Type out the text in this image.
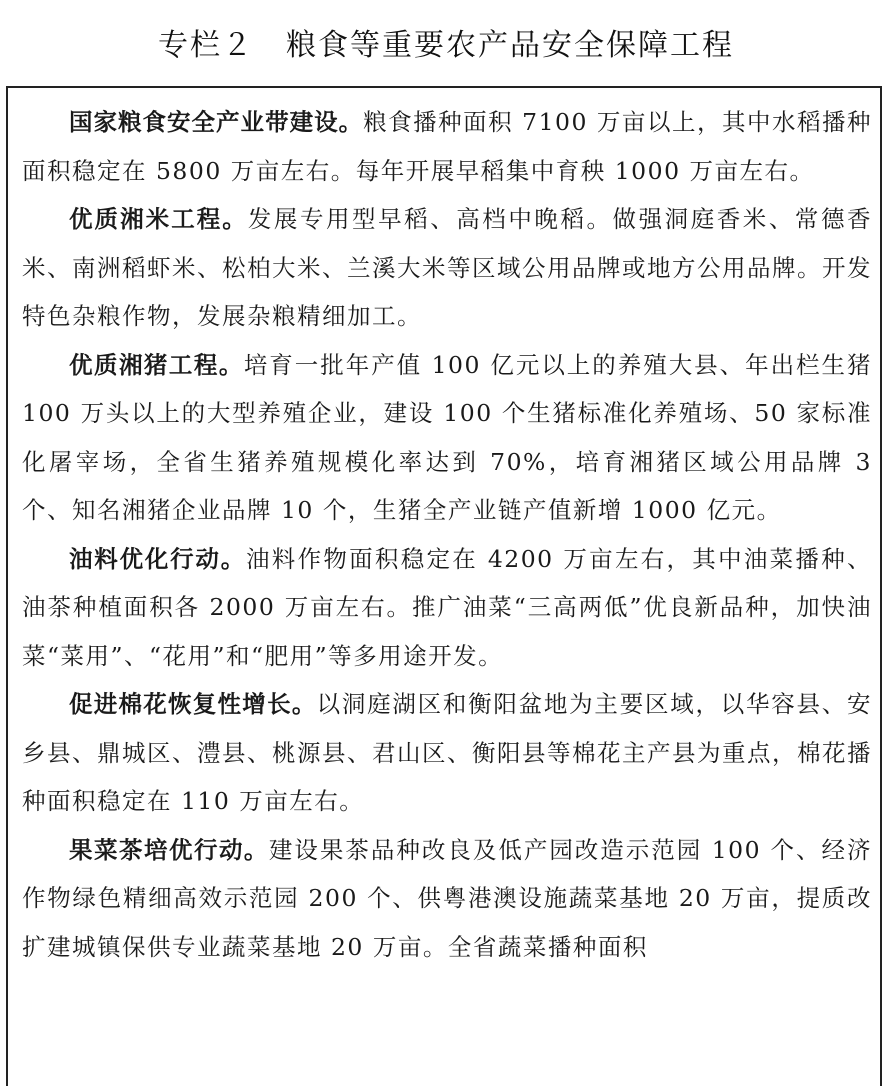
专栏２　粮食等重要农产品安全保障工程

国家粮食安全产业带建设。粮食播种面积 7100 万亩以上，其中水稻播种面积稳定在 5800 万亩左右。每年开展早稻集中育秧 1000 万亩左右。

优质湘米工程。发展专用型早稻、高档中晚稻。做强洞庭香米、常德香米、南洲稻虾米、松柏大米、兰溪大米等区域公用品牌或地方公用品牌。开发特色杂粮作物，发展杂粮精细加工。

优质湘猪工程。培育一批年产值 100 亿元以上的养殖大县、年出栏生猪 100 万头以上的大型养殖企业，建设 100 个生猪标准化养殖场、50 家标准化屠宰场，全省生猪养殖规模化率达到 70%，培育湘猪区域公用品牌 3 个、知名湘猪企业品牌 10 个，生猪全产业链产值新增 1000 亿元。

油料优化行动。油料作物面积稳定在 4200 万亩左右，其中油菜播种、油茶种植面积各 2000 万亩左右。推广油菜“三高两低”优良新品种，加快油菜“菜用”、“花用”和“肥用”等多用途开发。

促进棉花恢复性增长。以洞庭湖区和衡阳盆地为主要区域，以华容县、安乡县、鼎城区、澧县、桃源县、君山区、衡阳县等棉花主产县为重点，棉花播种面积稳定在 110 万亩左右。

果菜茶培优行动。建设果茶品种改良及低产园改造示范园 100 个、经济作物绿色精细高效示范园 200 个、供粤港澳设施蔬菜基地 20 万亩，提质改扩建城镇保供专业蔬菜基地 20 万亩。全省蔬菜播种面积
